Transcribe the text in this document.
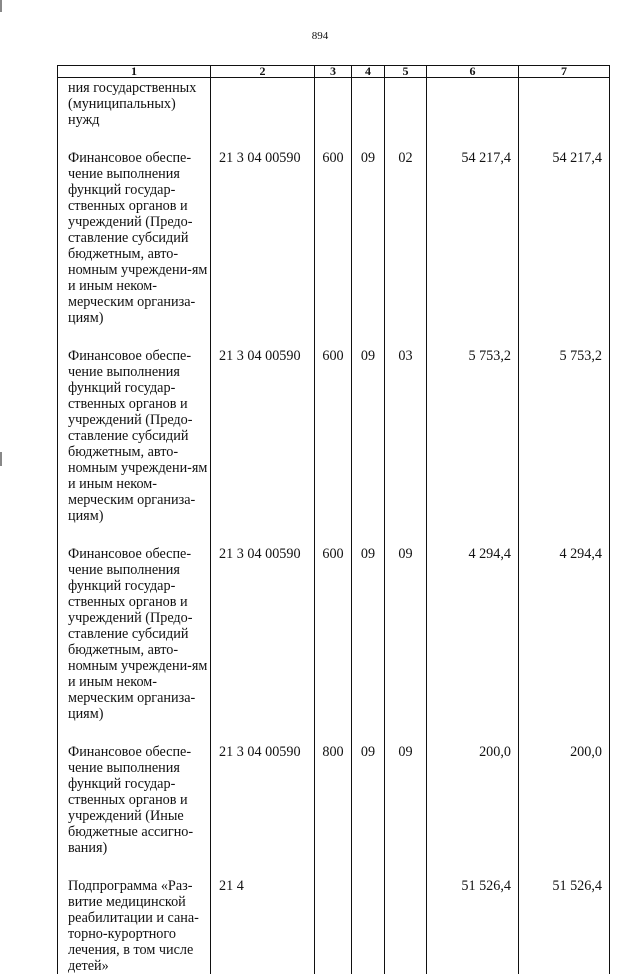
894
1	2	3	4	5	6	7
ния государственных (муниципальных) нужд						
Финансовое обеспе-чение выполнения функций государ-ственных органов и учреждений (Предо-ставление субсидий бюджетным, авто-номным учреждени-ям и иным неком-мерческим организа-циям)	21 3 04 00590	600	09	02	54 217,4	54 217,4
Финансовое обеспе-чение выполнения функций государ-ственных органов и учреждений (Предо-ставление субсидий бюджетным, авто-номным учреждени-ям и иным неком-мерческим организа-циям)	21 3 04 00590	600	09	03	5 753,2	5 753,2
Финансовое обеспе-чение выполнения функций государ-ственных органов и учреждений (Предо-ставление субсидий бюджетным, авто-номным учреждени-ям и иным неком-мерческим организа-циям)	21 3 04 00590	600	09	09	4 294,4	4 294,4
Финансовое обеспе-чение выполнения функций государ-ственных органов и учреждений (Иные бюджетные ассигно-вания)	21 3 04 00590	800	09	09	200,0	200,0
Подпрограмма «Раз-витие медицинской реабилитации и сана-торно-курортного лечения, в том числе детей»	21 4				51 526,4	51 526,4
